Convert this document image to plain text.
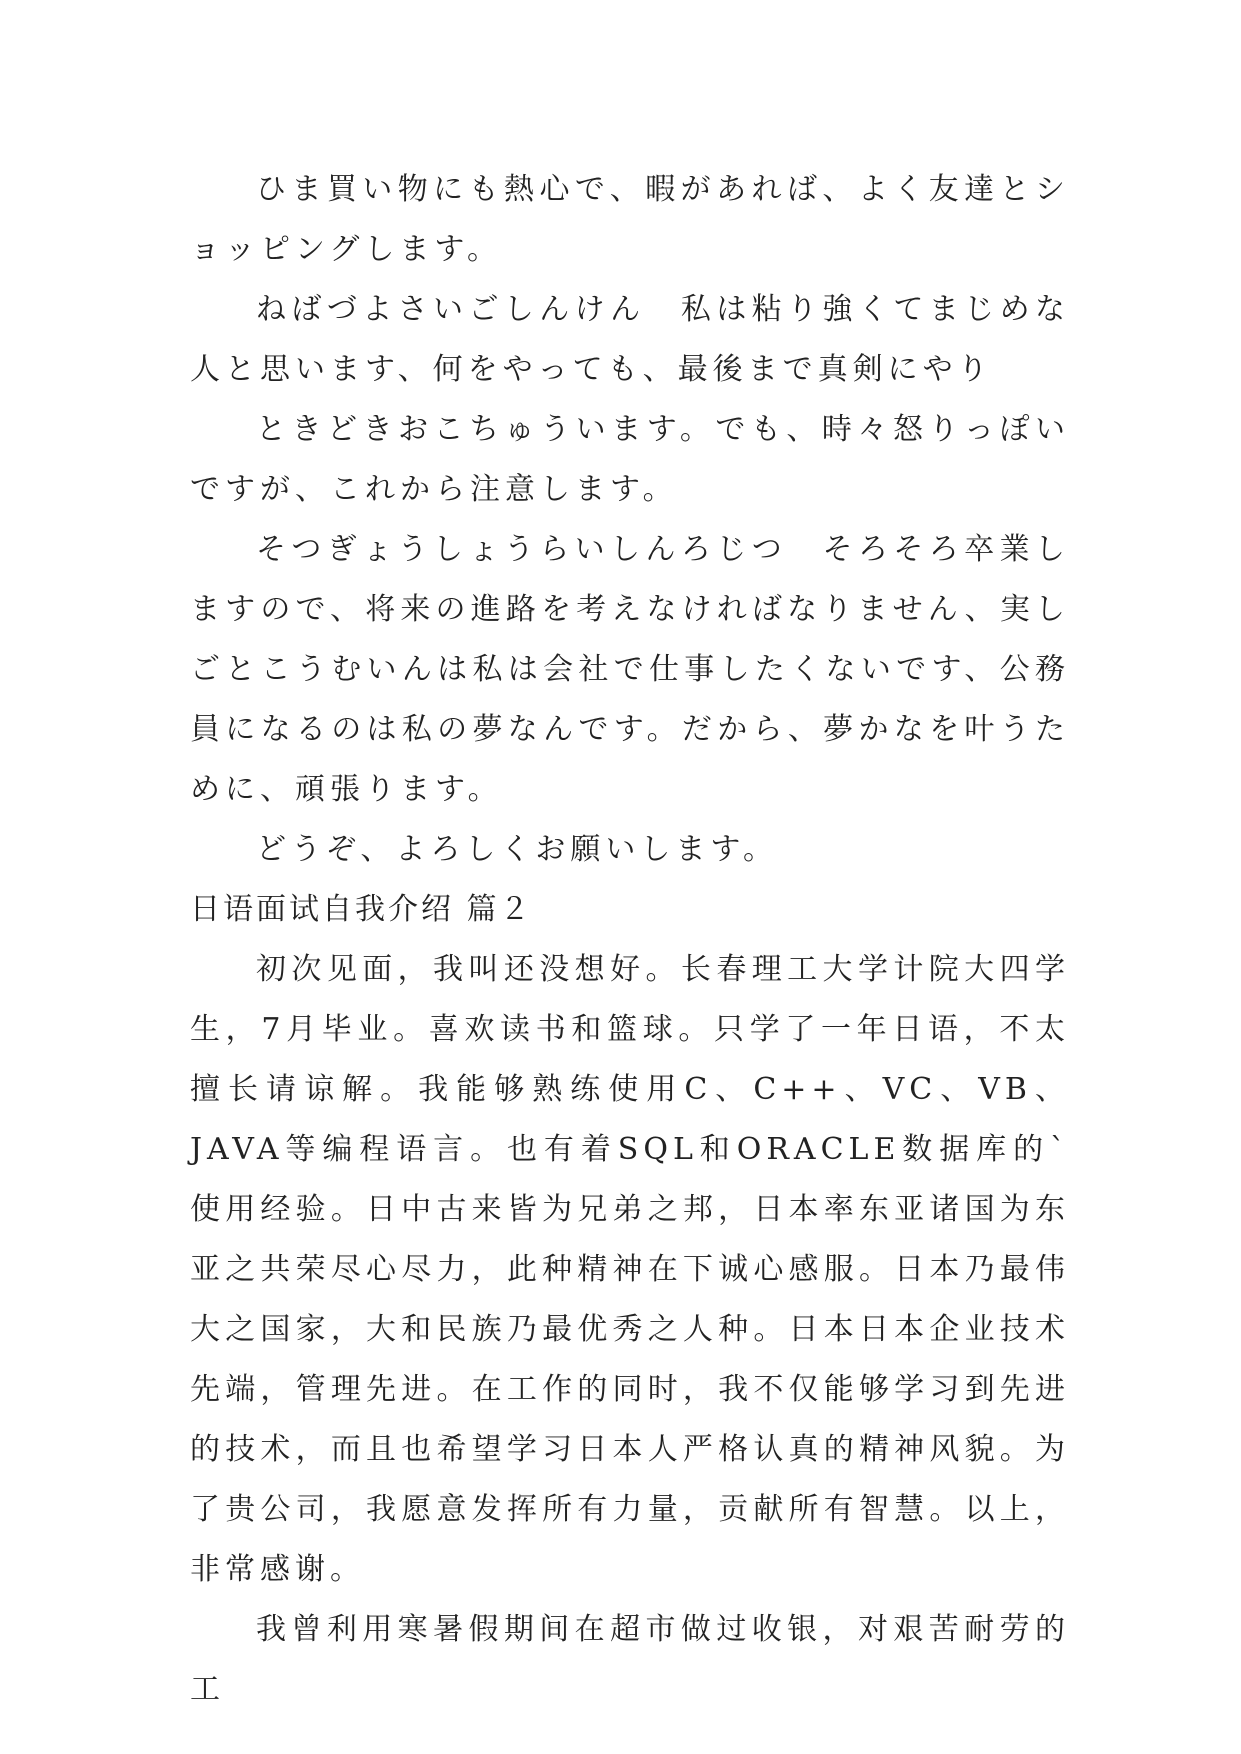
ひま買い物にも熱心で、暇があれば、よく友達とショッピングします。

ねばづよさいごしんけん　私は粘り強くてまじめな人と思います、何をやっても、最後まで真剣にやり

ときどきおこちゅういます。でも、時々怒りっぽいですが、これから注意します。

そつぎょうしょうらいしんろじつ　そろそろ卒業しますので、将来の進路を考えなければなりません、実しごとこうむいんは私は会社で仕事したくないです、公務員になるのは私の夢なんです。だから、夢かなを叶うために、頑張ります。

どうぞ、よろしくお願いします。

日语面试自我介绍 篇２

初次见面，我叫还没想好。长春理工大学计院大四学生，7月毕业。喜欢读书和篮球。只学了一年日语，不太擅长请谅解。我能够熟练使用C、C++、VC、VB、JAVA等编程语言。也有着SQL和ORACLE数据库的`使用经验。日中古来皆为兄弟之邦，日本率东亚诸国为东亚之共荣尽心尽力，此种精神在下诚心感服。日本乃最伟大之国家，大和民族乃最优秀之人种。日本日本企业技术先端，管理先进。在工作的同时，我不仅能够学习到先进的技术，而且也希望学习日本人严格认真的精神风貌。为了贵公司，我愿意发挥所有力量，贡献所有智慧。以上，非常感谢。

我曾利用寒暑假期间在超市做过收银，对艰苦耐劳的工
